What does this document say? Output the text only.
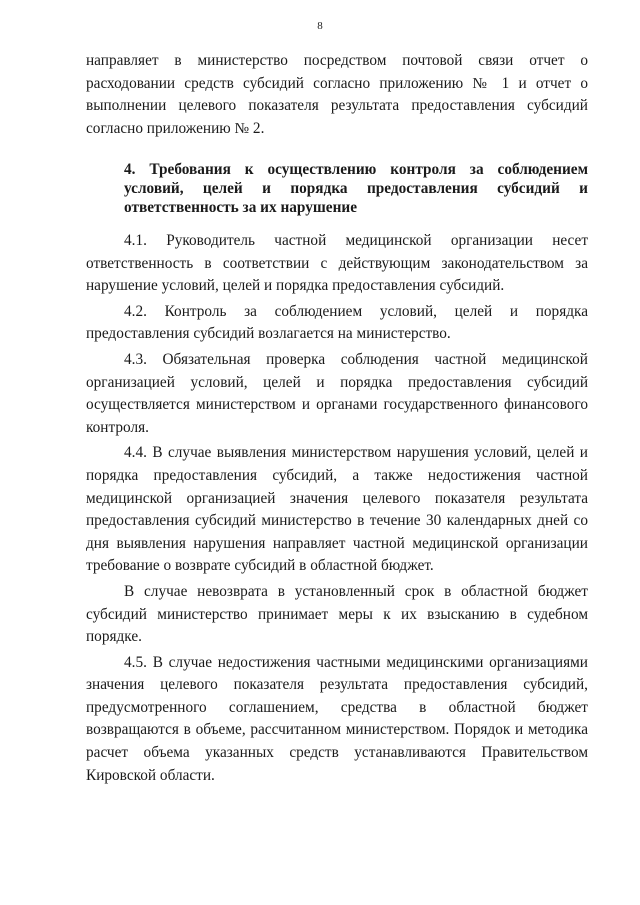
8

направляет в министерство посредством почтовой связи отчет о расходовании средств субсидий согласно приложению № 1 и отчет о выполнении целевого показателя результата предоставления субсидий согласно приложению № 2.

4. Требования к осуществлению контроля за соблюдением условий, целей и порядка предоставления субсидий и ответственность за их нарушение

4.1. Руководитель частной медицинской организации несет ответственность в соответствии с действующим законодательством за нарушение условий, целей и порядка предоставления субсидий.

4.2. Контроль за соблюдением условий, целей и порядка предоставления субсидий возлагается на министерство.

4.3. Обязательная проверка соблюдения частной медицинской организацией условий, целей и порядка предоставления субсидий осуществляется министерством и органами государственного финансового контроля.

4.4. В случае выявления министерством нарушения условий, целей и порядка предоставления субсидий, а также недостижения частной медицинской организацией значения целевого показателя результата предоставления субсидий министерство в течение 30 календарных дней со дня выявления нарушения направляет частной медицинской организации требование о возврате субсидий в областной бюджет.

В случае невозврата в установленный срок в областной бюджет субсидий министерство принимает меры к их взысканию в судебном порядке.

4.5. В случае недостижения частными медицинскими организациями значения целевого показателя результата предоставления субсидий, предусмотренного соглашением, средства в областной бюджет возвращаются в объеме, рассчитанном министерством. Порядок и методика расчет объема указанных средств устанавливаются Правительством Кировской области.
